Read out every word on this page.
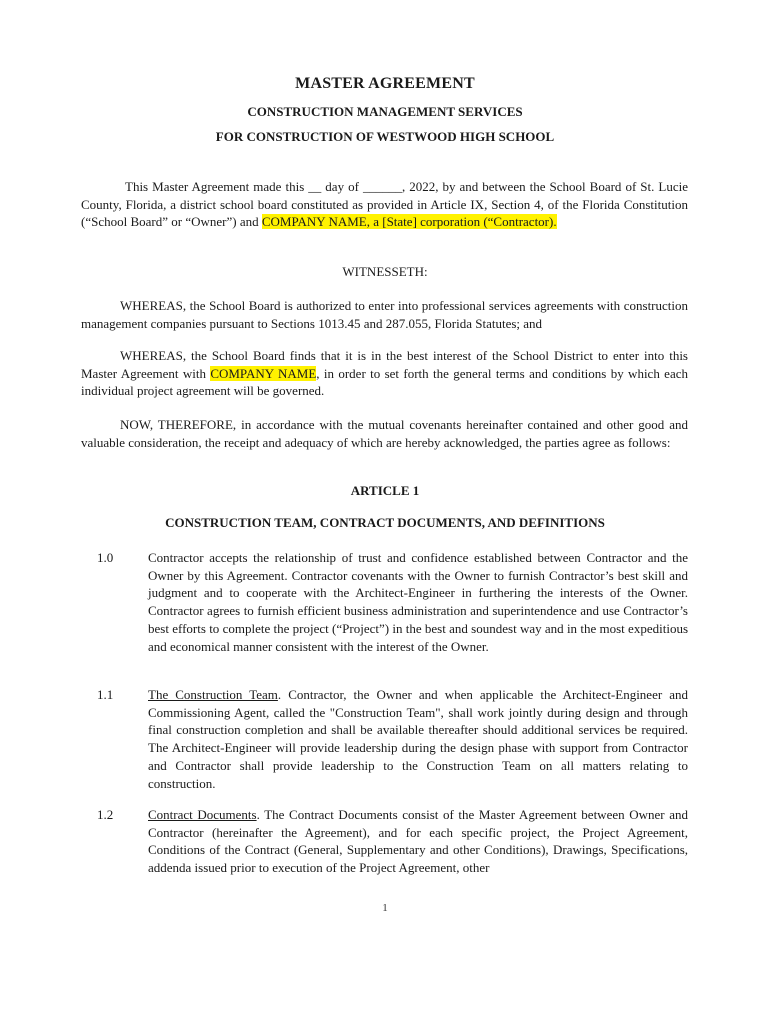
MASTER AGREEMENT
CONSTRUCTION MANAGEMENT SERVICES
FOR CONSTRUCTION OF WESTWOOD HIGH SCHOOL
This Master Agreement made this __ day of ______, 2022, by and between the School Board of St. Lucie County, Florida, a district school board constituted as provided in Article IX, Section 4, of the Florida Constitution (“School Board” or “Owner”) and COMPANY NAME, a [State] corporation (“Contractor).
WITNESSETH:
WHEREAS, the School Board is authorized to enter into professional services agreements with construction management companies pursuant to Sections 1013.45 and 287.055, Florida Statutes; and
WHEREAS, the School Board finds that it is in the best interest of the School District to enter into this Master Agreement with COMPANY NAME, in order to set forth the general terms and conditions by which each individual project agreement will be governed.
NOW, THEREFORE, in accordance with the mutual covenants hereinafter contained and other good and valuable consideration, the receipt and adequacy of which are hereby acknowledged, the parties agree as follows:
ARTICLE 1
CONSTRUCTION TEAM, CONTRACT DOCUMENTS, AND DEFINITIONS
1.0	Contractor accepts the relationship of trust and confidence established between Contractor and the Owner by this Agreement. Contractor covenants with the Owner to furnish Contractor’s best skill and judgment and to cooperate with the Architect-Engineer in furthering the interests of the Owner. Contractor agrees to furnish efficient business administration and superintendence and use Contractor’s best efforts to complete the project (“Project”) in the best and soundest way and in the most expeditious and economical manner consistent with the interest of the Owner.
1.1	The Construction Team. Contractor, the Owner and when applicable the Architect-Engineer and Commissioning Agent, called the "Construction Team", shall work jointly during design and through final construction completion and shall be available thereafter should additional services be required. The Architect-Engineer will provide leadership during the design phase with support from Contractor and Contractor shall provide leadership to the Construction Team on all matters relating to construction.
1.2	Contract Documents. The Contract Documents consist of the Master Agreement between Owner and Contractor (hereinafter the Agreement), and for each specific project, the Project Agreement, Conditions of the Contract (General, Supplementary and other Conditions), Drawings, Specifications, addenda issued prior to execution of the Project Agreement, other
1
